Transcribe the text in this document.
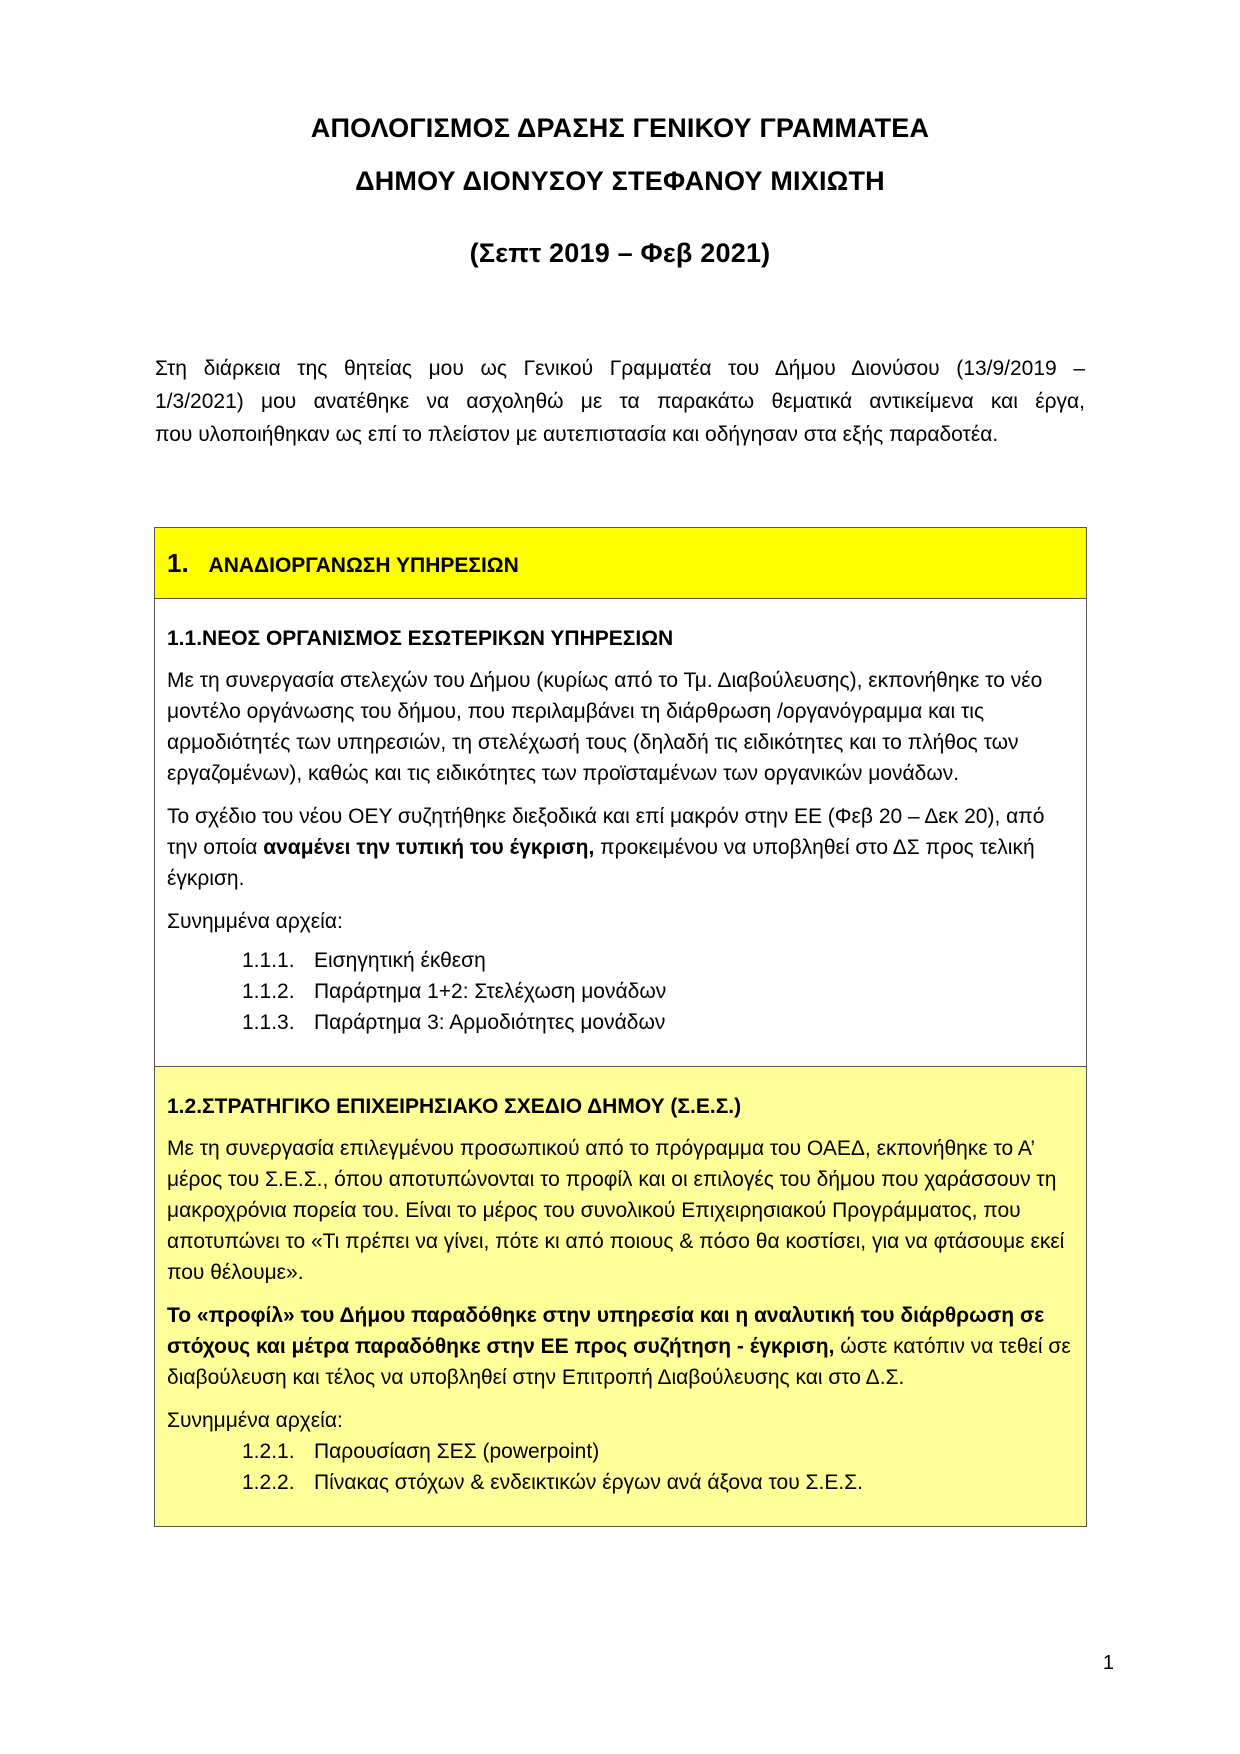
ΑΠΟΛΟΓΙΣΜΟΣ ΔΡΑΣΗΣ ΓΕΝΙΚΟΥ ΓΡΑΜΜΑΤΕΑ
ΔΗΜΟΥ ΔΙΟΝΥΣΟΥ ΣΤΕΦΑΝΟΥ ΜΙΧΙΩΤΗ
(Σεπτ 2019 – Φεβ 2021)
Στη διάρκεια της θητείας μου ως Γενικού Γραμματέα του Δήμου Διονύσου (13/9/2019 –
1/3/2021) μου ανατέθηκε να ασχοληθώ με τα παρακάτω θεματικά αντικείμενα και έργα,
που υλοποιήθηκαν ως επί το πλείστον με αυτεπιστασία και οδήγησαν στα εξής παραδοτέα.
1. ΑΝΑΔΙΟΡΓΑΝΩΣΗ ΥΠΗΡΕΣΙΩΝ

1.1.ΝΕΟΣ ΟΡΓΑΝΙΣΜΟΣ ΕΣΩΤΕΡΙΚΩΝ ΥΠΗΡΕΣΙΩΝ

Με τη συνεργασία στελεχών του Δήμου (κυρίως από το Τμ. Διαβούλευσης), εκπονήθηκε το νέο μοντέλο οργάνωσης του δήμου, που περιλαμβάνει τη διάρθρωση /οργανόγραμμα και τις αρμοδιότητές των υπηρεσιών, τη στελέχωσή τους (δηλαδή τις ειδικότητες και το πλήθος των εργαζομένων), καθώς και τις ειδικότητες των προϊσταμένων των οργανικών μονάδων.

Το σχέδιο του νέου ΟΕΥ συζητήθηκε διεξοδικά και επί μακρόν στην ΕΕ (Φεβ 20 – Δεκ 20), από την οποία αναμένει την τυπική του έγκριση, προκειμένου να υποβληθεί στο ΔΣ προς τελική έγκριση.

Συνημμένα αρχεία:

1.1.1. Εισηγητική έκθεση
1.1.2. Παράρτημα 1+2: Στελέχωση μονάδων
1.1.3. Παράρτημα 3: Αρμοδιότητες μονάδων

1.2.ΣΤΡΑΤΗΓΙΚΟ ΕΠΙΧΕΙΡΗΣΙΑΚΟ ΣΧΕΔΙΟ ΔΗΜΟΥ (Σ.Ε.Σ.)

Με τη συνεργασία επιλεγμένου προσωπικού από το πρόγραμμα του ΟΑΕΔ, εκπονήθηκε το Α’ μέρος του Σ.Ε.Σ., όπου αποτυπώνονται το προφίλ και οι επιλογές του δήμου που χαράσσουν τη μακροχρόνια πορεία του. Είναι το μέρος του συνολικού Επιχειρησιακού Προγράμματος, που αποτυπώνει το «Τι πρέπει να γίνει, πότε κι από ποιους & πόσο θα κοστίσει, για να φτάσουμε εκεί που θέλουμε».

Το «προφίλ» του Δήμου παραδόθηκε στην υπηρεσία και η αναλυτική του διάρθρωση σε στόχους και μέτρα παραδόθηκε στην ΕΕ προς συζήτηση - έγκριση, ώστε κατόπιν να τεθεί σε διαβούλευση και τέλος να υποβληθεί στην Επιτροπή Διαβούλευσης και στο Δ.Σ.

Συνημμένα αρχεία:

1.2.1. Παρουσίαση ΣΕΣ (powerpoint)
1.2.2. Πίνακας στόχων & ενδεικτικών έργων ανά άξονα του Σ.Ε.Σ.
1
